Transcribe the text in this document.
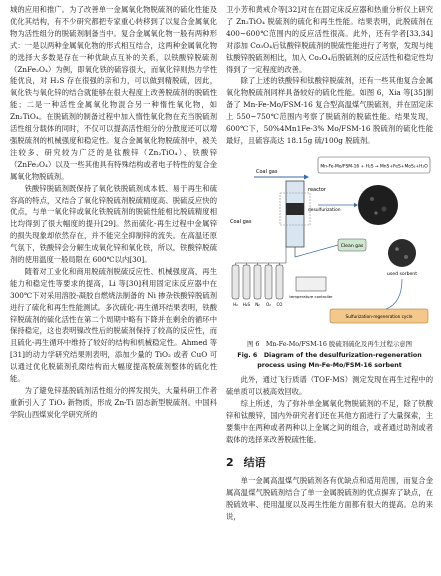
城的应用和推广。为了改善单一金属氧化物脱硫剂的硫化性能及优化其结构，有不少研究都把专家重心转移到了以复合金属氧化物为活性组分的脱硫剂制备当中。复合金属氧化物一般有两种形式：一是以两种金属氧化物的形式相互结合，这两种金属氧化物的选择大多数是存在一种优缺点互补的关系，以铁酸锌脱硫剂（ZnFe₂O₄）为例，即氧化铁的硫容很大，而氧化锌则热力学性能优良，对 H₂S 存在很强的亲和力，可以做到精脱硫，因此，氧化铁与氧化锌的结合就能够在很大程度上改善脱硫剂的脱硫性能；二是一种活性金属氧化物混合另一种惰性氧化物，如 Zn₂TiO₄。在脱硫剂的制备过程中加入惰性氧化物在充当脱硫剂活性组分载体的同时，不仅可以提高活性组分的分散度还可以增强脱硫剂的机械强度和稳定性。复合金属氧化物脱硫剂中，被关注较多、研究较为广泛的是钛酸锌（Zn₂TiO₄）、铁酸锌（ZnFe₂O₄）以及一些其他具有特殊结构或者电子特性的复合金属氧化物脱硫剂。

铁酸锌脱硫剂既保持了氧化铁脱硫剂成本低、易于再生和硫容高的特点，又结合了氧化锌脱硫剂脱硫精度高、脱硫反应快的优点，与单一氧化锌或氧化铁脱硫剂的脱硫性能相比脱硫精度相比均得到了很大幅度的提升[29]。然而硫化-再生过程中金属锌的损失现象却依然存在，并不能完全抑制锌的流失。在高温还原气氛下，铁酸锌会分解生成氧化锌和氧化铁，所以，铁酸锌脱硫剂的使用温度一般局限在 600℃以内[30]。

随着对工业化和商用脱硫剂脱硫反应性、机械强度高，再生能力和稳定性等要求的提高，Li 等[30]利用固定床反应器中在 300℃下对采用溶胶-凝胶自燃烧法制备的 Ni 掺杂铁酸锌脱硫剂进行了硫化和再生性能测试。多次硫化-再生循环结果表明，铁酸锌脱硫剂的硫化活性在第二个周期中略有下降并在剩余的循环中保持稳定，这也表明镍改性后的脱硫剂保持了较高的反应性，而且硫化-再生循环中维持了较好的结构和机械稳定性。Ahmed 等[31]的动力学研究结果则表明，添加少量的 TiO₂ 或者 CuO 可以通过优化脱硫剂孔隙结构而大幅度提高脱硫剂整体的硫化性能。

为了避免锌基脱硫剂活性组分的挥发损失，大量科研工作者重新引入了 TiO₂ 新物质，形成 Zn-Ti 固态新型脱硫剂。中国科学院山西煤炭化学研究所的

卫小芳和黄戒介等[32]对在在固定床反应器和热重分析仪上研究了 Zn₂TiO₄ 脱硫剂的硫化和再生性能。结果表明，此脱硫剂在 400~600℃范围内的反应活性很高。此外，还有学者[33,34]对添加 Co₃O₄后钛酸锌脱硫剂的脱硫性能进行了考察，发现与纯钛酸锌脱硫剂相比，加入 Co₃O₄后脱硫剂的反应活性和稳定性均得到了一定程度的改善。

除了上述的铁酸锌和钛酸锌脱硫剂，还有一些其他复合金属氧化物脱硫剂同样具备较好的硫化性能。如图 6，Xia 等[35]制备了 Mn-Fe-Mo/FSM-16 复合型高温煤气脱硫剂，并在固定床上 550~750℃范围内考察了脱硫剂的脱硫性能。结果发现，600℃下，50%4Mn1Fe-3% Mo/FSM-16 脱硫剂的硫化性能最好，且硫容高达 18.15g 硫/100g 脱硫剂。

Mn-Fe-Mo/FSM-16 + H₂S → MnS+FeS+MoS₂+H₂O
Coal gas
reactor
desulfurization
Clean gas
used sorbent
Coal gas
H₂ H₂S N₂ O₂ CO
temperature controller
Sulfurization-regeneration cycle

图 6　Mn-Fe-Mo/FSM-16 脱硫剂硫化及再生过程示意图

Fig. 6 Diagram of the desulfurization-regeneration
process using Mn-Fe-Mo/FSM-16 sorbent

此外，通过飞行质谱（TOF-MS）测定发现在再生过程中的硫单质可以被高效回收。

综上所述，为了弥补单金属氧化物脱硫剂的不足，除了铁酸锌和钛酸锌，国内外研究者们还在其他方面进行了大量探索，主要集中在两种或者两种以上金属之间的组合，或者通过助剂或者载体的选择来改善脱硫性能。

2 结语

单一金属高温煤气脱硫剂各有优缺点和适用范围，而复合金属高温煤气脱硫剂结合了单一金属脱硫剂的优点摒弃了缺点，在脱硫效率、使用温度以及再生性能方面都有很大的提高。总的来说，
